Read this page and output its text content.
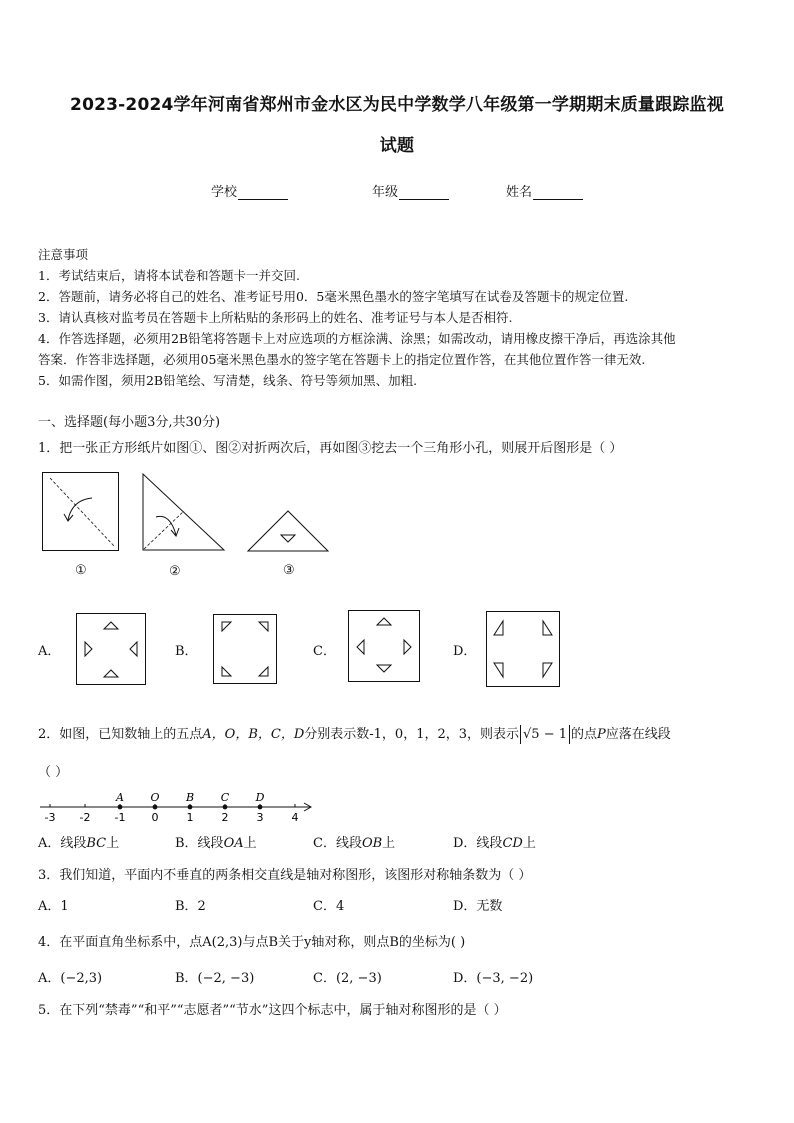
2023-2024学年河南省郑州市金水区为民中学数学八年级第一学期期末质量跟踪监视
试题
学校	年级	姓名
注意事项
1．考试结束后，请将本试卷和答题卡一并交回.
2．答题前，请务必将自己的姓名、准考证号用0．5毫米黑色墨水的签字笔填写在试卷及答题卡的规定位置.
3．请认真核对监考员在答题卡上所粘贴的条形码上的姓名、准考证号与本人是否相符.
4．作答选择题，必须用2B铅笔将答题卡上对应选项的方框涂满、涂黑；如需改动，请用橡皮擦干净后，再选涂其他
答案．作答非选择题，必须用05毫米黑色墨水的签字笔在答题卡上的指定位置作答，在其他位置作答一律无效.
5．如需作图，须用2B铅笔绘、写清楚，线条、符号等须加黑、加粗.
一、选择题(每小题3分,共30分)
1．把一张正方形纸片如图①、图②对折两次后，再如图③挖去一个三角形小孔，则展开后图形是（ ）
①	②	③
A．	B．	C．	D．
2．如图，已知数轴上的五点A，O，B，C，D分别表示数-1，0，1，2，3，则表示 √5 − 1 的点P应落在线段
（ ）
-3 -2 -1 0	1	2	3	4
A O B C D
A．线段BC上	B．线段OA上	C．线段OB上	D．线段CD上
3．我们知道，平面内不垂直的两条相交直线是轴对称图形，该图形对称轴条数为（ ）
A．1	B．2	C．4	D．无数
4．在平面直角坐标系中，点A(2,3)与点B关于y轴对称，则点B的坐标为( )
A．(−2,3)	B．(−2, −3)	C．(2, −3)	D．(−3, −2)
5．在下列“禁毒”“和平”“志愿者”“节水”这四个标志中，属于轴对称图形的是（ ）
